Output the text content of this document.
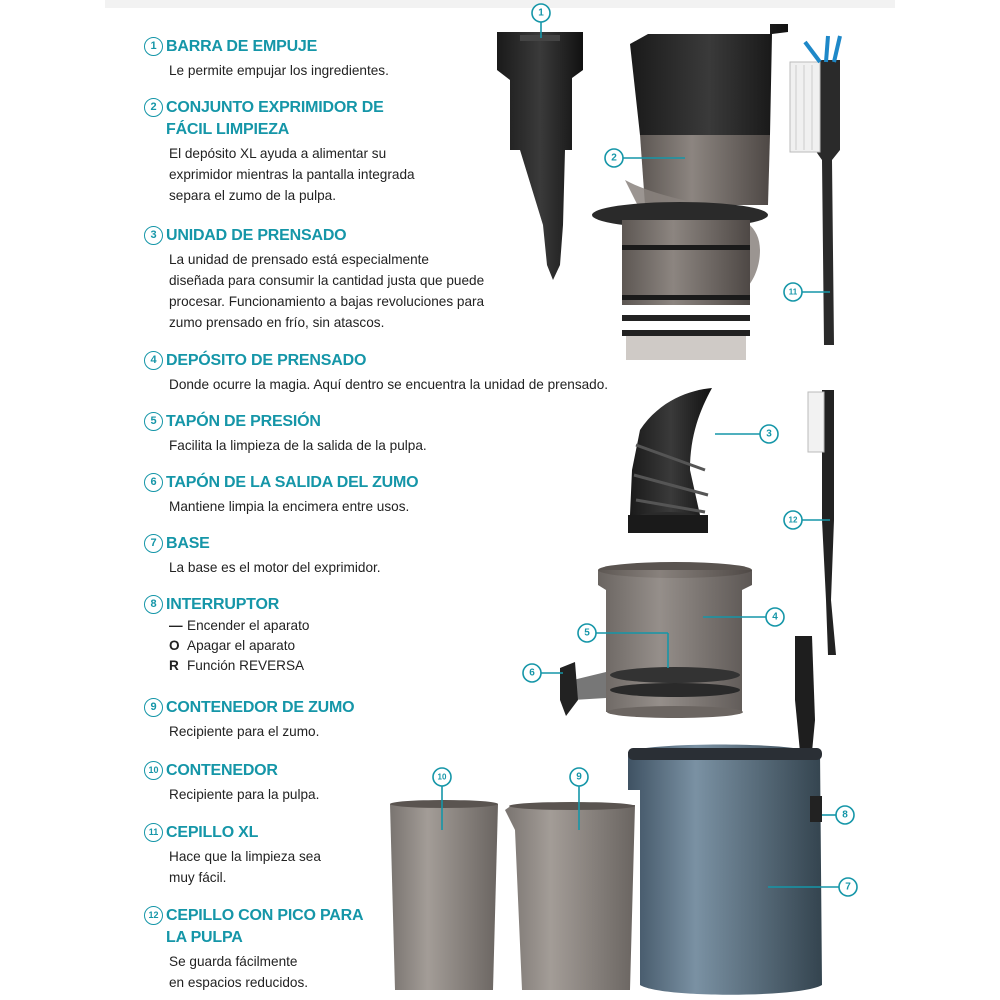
1 BARRA DE EMPUJE
Le permite empujar los ingredientes.
2 CONJUNTO EXPRIMIDOR DE
FÁCIL LIMPIEZA
El depósito XL ayuda a alimentar su
exprimidor mientras la pantalla integrada
separa el zumo de la pulpa.
3 UNIDAD DE PRENSADO
La unidad de prensado está especialmente
diseñada para consumir la cantidad justa que puede
procesar. Funcionamiento a bajas revoluciones para
zumo prensado en frío, sin atascos.
4 DEPÓSITO DE PRENSADO
Donde ocurre la magia. Aquí dentro se encuentra la unidad de prensado.
5 TAPÓN DE PRESIÓN
Facilita la limpieza de la salida de la pulpa.
6 TAPÓN DE LA SALIDA DEL ZUMO
Mantiene limpia la encimera entre usos.
7 BASE
La base es el motor del exprimidor.
8 INTERRUPTOR
— Encender el aparato
O Apagar el aparato
R Función REVERSA
9 CONTENEDOR DE ZUMO
Recipiente para el zumo.
10 CONTENEDOR
Recipiente para la pulpa.
11 CEPILLO XL
Hace que la limpieza sea
muy fácil.
12 CEPILLO CON PICO PARA
LA PULPA
Se guarda fácilmente
en espacios reducidos.
1
2
3
4
5
6
7
8
9
10
11
12
